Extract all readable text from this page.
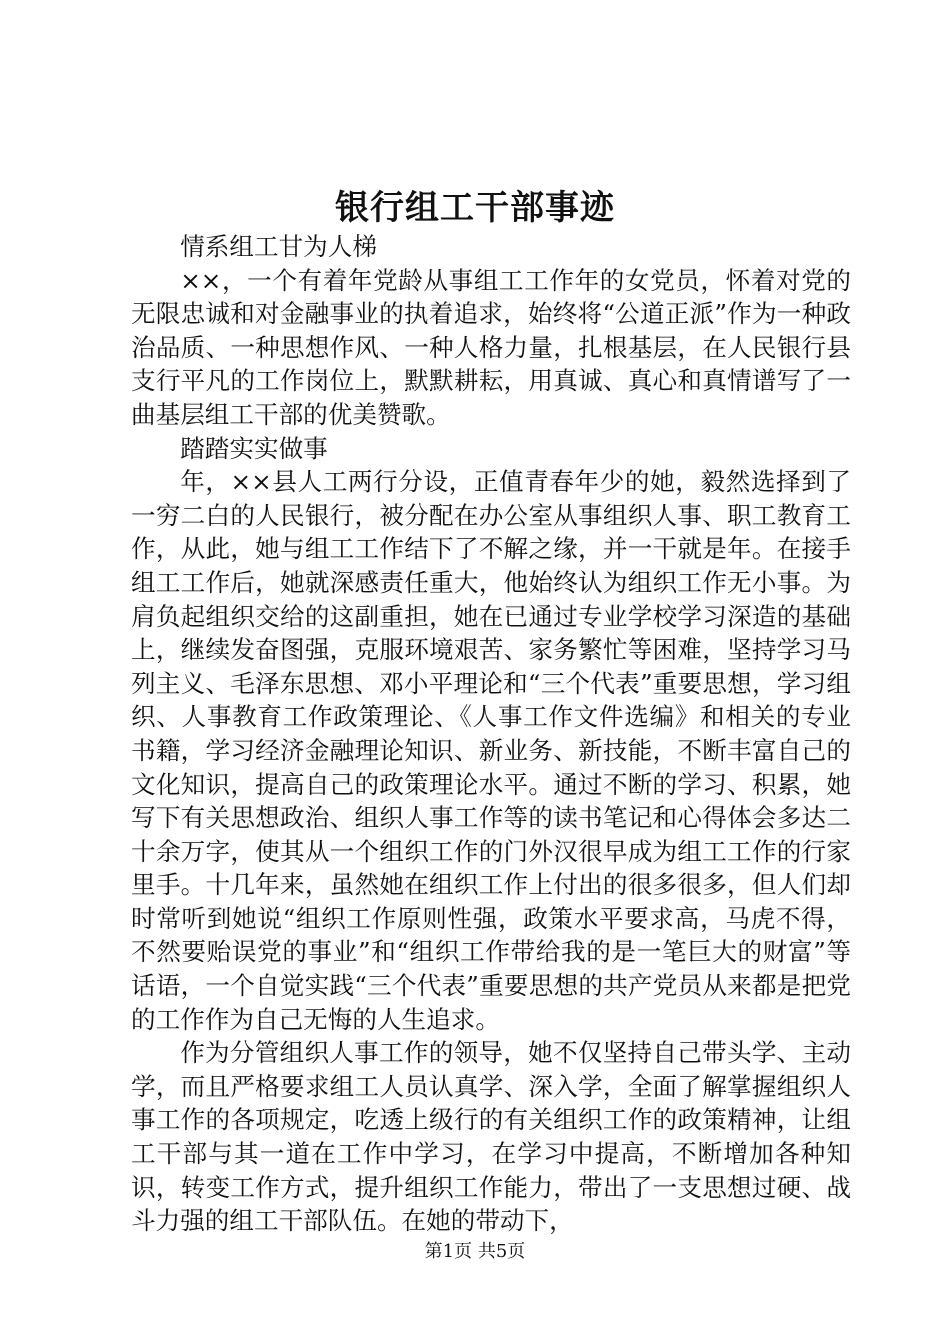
银行组工干部事迹

情系组工甘为人梯

××，一个有着年党龄从事组工工作年的女党员，怀着对党的无限忠诚和对金融事业的执着追求，始终将“公道正派”作为一种政治品质、一种思想作风、一种人格力量，扎根基层，在人民银行县支行平凡的工作岗位上，默默耕耘，用真诚、真心和真情谱写了一曲基层组工干部的优美赞歌。

踏踏实实做事

年，××县人工两行分设，正值青春年少的她，毅然选择到了一穷二白的人民银行，被分配在办公室从事组织人事、职工教育工作，从此，她与组工工作结下了不解之缘，并一干就是年。在接手组工工作后，她就深感责任重大，他始终认为组织工作无小事。为肩负起组织交给的这副重担，她在已通过专业学校学习深造的基础上，继续发奋图强，克服环境艰苦、家务繁忙等困难，坚持学习马列主义、毛泽东思想、邓小平理论和“三个代表”重要思想，学习组织、人事教育工作政策理论、《人事工作文件选编》和相关的专业书籍，学习经济金融理论知识、新业务、新技能，不断丰富自己的文化知识，提高自己的政策理论水平。通过不断的学习、积累，她写下有关思想政治、组织人事工作等的读书笔记和心得体会多达二十余万字，使其从一个组织工作的门外汉很早成为组工工作的行家里手。十几年来，虽然她在组织工作上付出的很多很多，但人们却时常听到她说“组织工作原则性强，政策水平要求高，马虎不得，不然要贻误党的事业”和“组织工作带给我的是一笔巨大的财富”等话语，一个自觉实践“三个代表”重要思想的共产党员从来都是把党的工作作为自己无悔的人生追求。

作为分管组织人事工作的领导，她不仅坚持自己带头学、主动学，而且严格要求组工人员认真学、深入学，全面了解掌握组织人事工作的各项规定，吃透上级行的有关组织工作的政策精神，让组工干部与其一道在工作中学习，在学习中提高，不断增加各种知识，转变工作方式，提升组织工作能力，带出了一支思想过硬、战斗力强的组工干部队伍。在她的带动下，

第1页 共5页
